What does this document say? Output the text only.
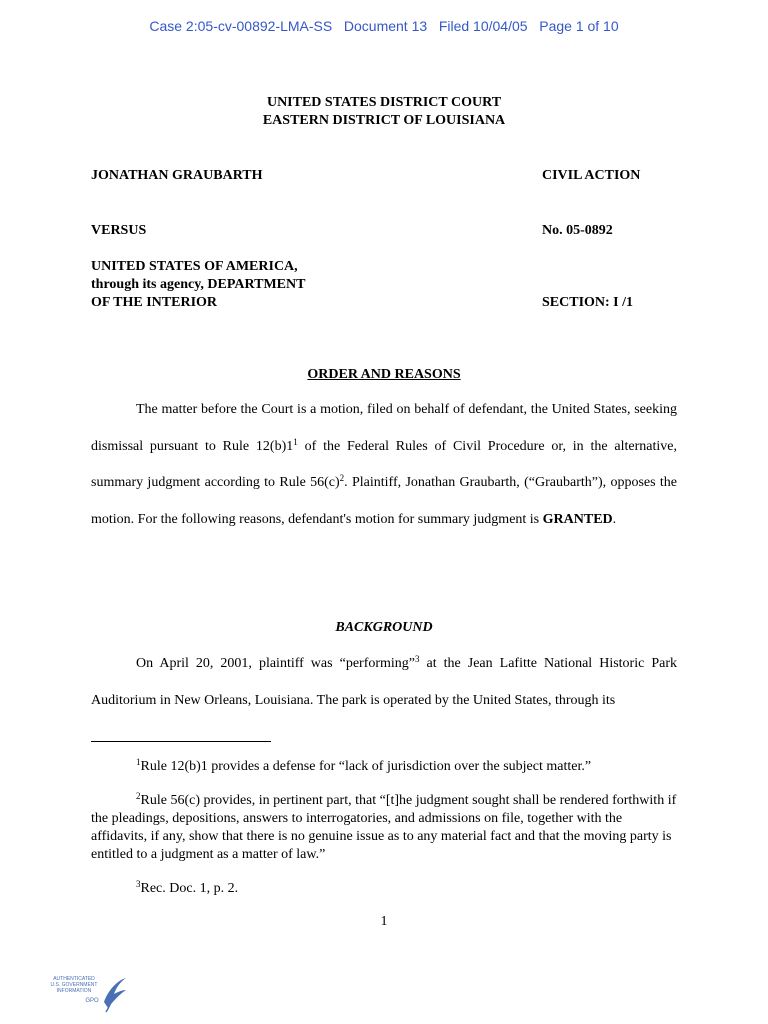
Case 2:05-cv-00892-LMA-SS   Document 13   Filed 10/04/05   Page 1 of 10
UNITED STATES DISTRICT COURT
EASTERN DISTRICT OF LOUISIANA
JONATHAN GRAUBARTH	CIVIL ACTION
VERSUS	No. 05-0892
UNITED STATES OF AMERICA,
through its agency, DEPARTMENT
OF THE INTERIOR	SECTION: I /1
ORDER AND REASONS
The matter before the Court is a motion, filed on behalf of defendant, the United States, seeking dismissal pursuant to Rule $12(b)1^1$ of the Federal Rules of Civil Procedure or, in the alternative, summary judgment according to Rule $56(c)^2$. Plaintiff, Jonathan Graubarth, (“Graubarth”), opposes the motion. For the following reasons, defendant's motion for summary judgment is GRANTED.
BACKGROUND
On April 20, 2001, plaintiff was “performing”$^3$ at the Jean Lafitte National Historic Park Auditorium in New Orleans, Louisiana. The park is operated by the United States, through its
$^1$Rule 12(b)1 provides a defense for “lack of jurisdiction over the subject matter.”
$^2$Rule 56(c) provides, in pertinent part, that “[t]he judgment sought shall be rendered forthwith if the pleadings, depositions, answers to interrogatories, and admissions on file, together with the affidavits, if any, show that there is no genuine issue as to any material fact and that the moving party is entitled to a judgment as a matter of law.”
$^3$Rec. Doc. 1, p. 2.
1
AUTHENTICATED
U.S. GOVERNMENT
INFORMATION
GPO
